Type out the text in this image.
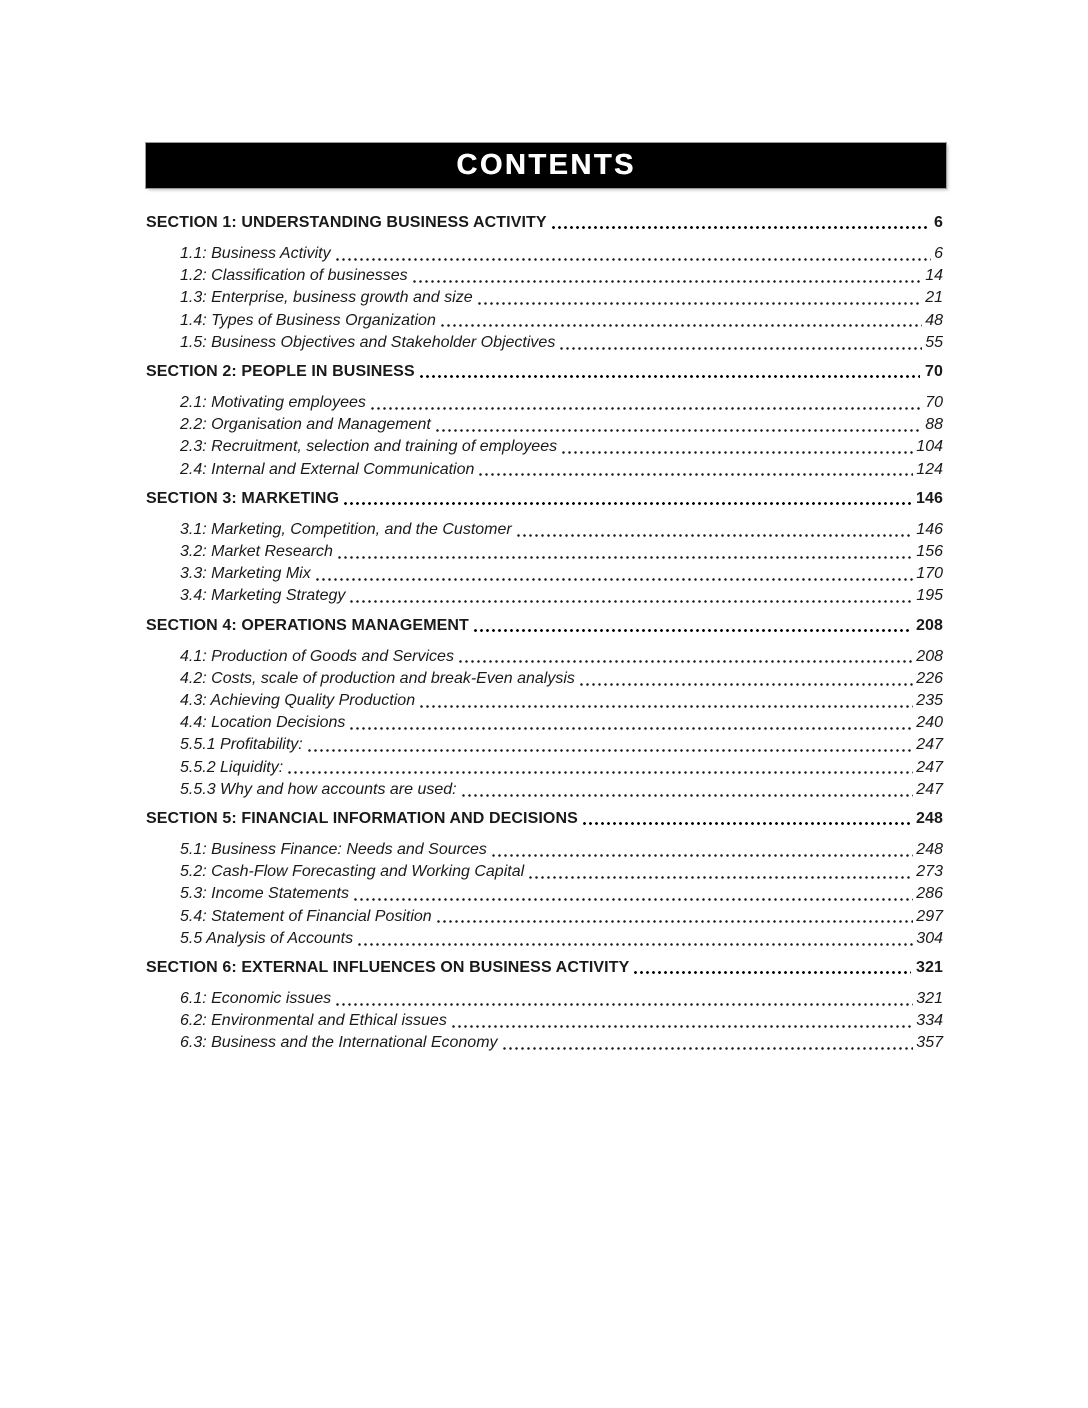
CONTENTS
SECTION 1: UNDERSTANDING BUSINESS ACTIVITY	6
1.1: Business Activity	6
1.2: Classification of businesses	14
1.3: Enterprise, business growth and size	21
1.4: Types of Business Organization	48
1.5: Business Objectives and Stakeholder Objectives	55
SECTION 2: PEOPLE IN BUSINESS	70
2.1: Motivating employees	70
2.2: Organisation and Management	88
2.3: Recruitment, selection and training of employees	104
2.4: Internal and External Communication	124
SECTION 3: MARKETING	146
3.1: Marketing, Competition, and the Customer	146
3.2: Market Research	156
3.3: Marketing Mix	170
3.4: Marketing Strategy	195
SECTION 4: OPERATIONS MANAGEMENT	208
4.1: Production of Goods and Services	208
4.2: Costs, scale of production and break-Even analysis	226
4.3: Achieving Quality Production	235
4.4: Location Decisions	240
5.5.1 Profitability:	247
5.5.2 Liquidity:	247
5.5.3 Why and how accounts are used:	247
SECTION 5: FINANCIAL INFORMATION AND DECISIONS	248
5.1: Business Finance: Needs and Sources	248
5.2: Cash-Flow Forecasting and Working Capital	273
5.3: Income Statements	286
5.4: Statement of Financial Position	297
5.5 Analysis of Accounts	304
SECTION 6: EXTERNAL INFLUENCES ON BUSINESS ACTIVITY	321
6.1: Economic issues	321
6.2: Environmental and Ethical issues	334
6.3: Business and the International Economy	357
